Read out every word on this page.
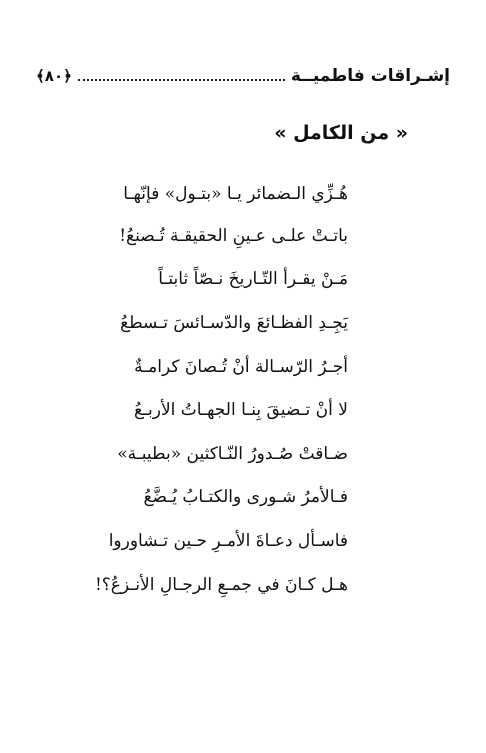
إشـراقات فاطميــة
﴿٨٠﴾
« من الكامل »
هُـزِّي الـضمائر يـا «بتـول» فإنّهـا
باتـتْ علـى عـينِ الحقيقـة تُـصنعُ!
مَـنْ يقـرأ التّـاريخَ نـصّاً ثابتـاً
يَجِـدِ الفظـائعَ والدّسـائسَ تـسطعُ
أجـرُ الرّسـالة أنْ تُـصانَ كرامـةٌ
لا أنْ تـضيقَ بِنـا الجهـاتُ الأربـعُ
ضـاقتْ صُـدورُ النّـاكثين «بطيبـة»
فـالأمرُ شـورى والكتـابُ يُـضَّعُ
فاسـأل دعـاةَ الأمـرِ حـين تـشاوروا
هـل كـانَ في جمـعِ الرجـالِ الأنـزعُ؟!
